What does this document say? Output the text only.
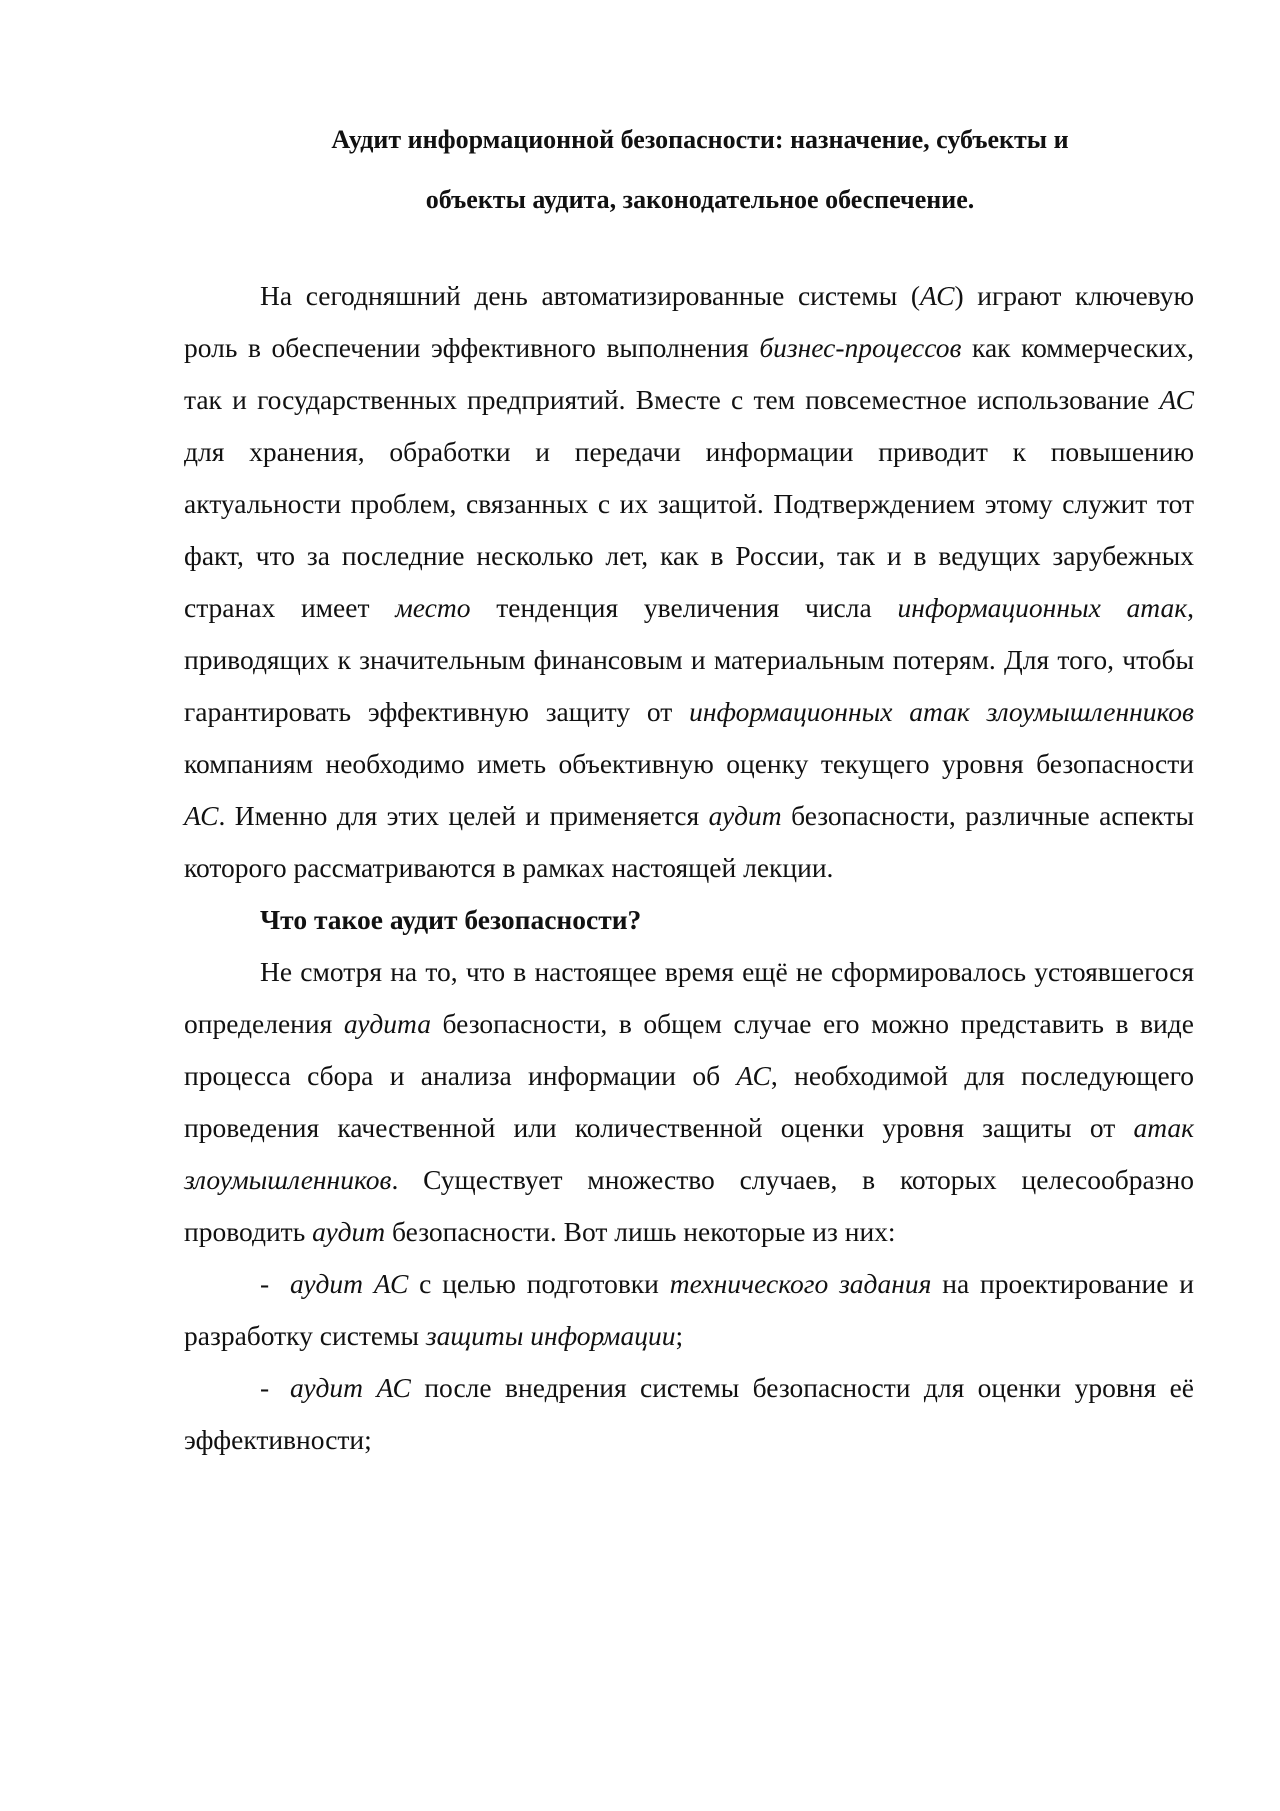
Аудит информационной безопасности: назначение, субъекты и
объекты аудита, законодательное обеспечение.

На сегодняшний день автоматизированные системы (АС) играют ключевую роль в обеспечении эффективного выполнения бизнес-процессов как коммерческих, так и государственных предприятий. Вместе с тем повсеместное использование АС для хранения, обработки и передачи информации приводит к повышению актуальности проблем, связанных с их защитой. Подтверждением этому служит тот факт, что за последние несколько лет, как в России, так и в ведущих зарубежных странах имеет место тенденция увеличения числа информационных атак, приводящих к значительным финансовым и материальным потерям. Для того, чтобы гарантировать эффективную защиту от информационных атак злоумышленников компаниям необходимо иметь объективную оценку текущего уровня безопасности АС. Именно для этих целей и применяется аудит безопасности, различные аспекты которого рассматриваются в рамках настоящей лекции.

Что такое аудит безопасности?

Не смотря на то, что в настоящее время ещё не сформировалось устоявшегося определения аудита безопасности, в общем случае его можно представить в виде процесса сбора и анализа информации об АС, необходимой для последующего проведения качественной или количественной оценки уровня защиты от атак злоумышленников. Существует множество случаев, в которых целесообразно проводить аудит безопасности. Вот лишь некоторые из них:

- аудит АС с целью подготовки технического задания на проектирование и разработку системы защиты информации;

- аудит АС после внедрения системы безопасности для оценки уровня её эффективности;
